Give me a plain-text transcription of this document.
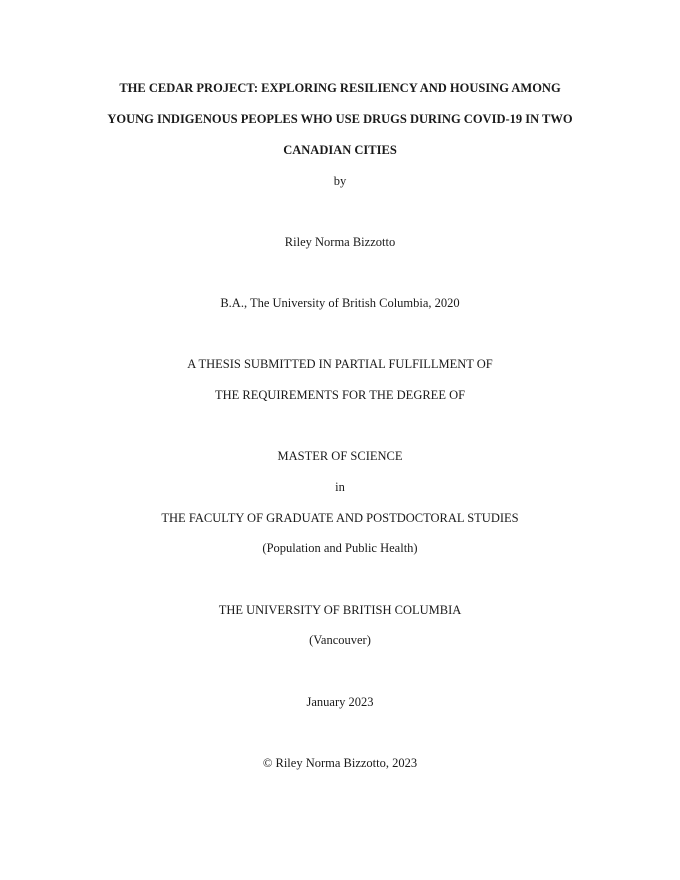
THE CEDAR PROJECT: EXPLORING RESILIENCY AND HOUSING AMONG
YOUNG INDIGENOUS PEOPLES WHO USE DRUGS DURING COVID-19 IN TWO
CANADIAN CITIES
by
Riley Norma Bizzotto
B.A., The University of British Columbia, 2020
A THESIS SUBMITTED IN PARTIAL FULFILLMENT OF
THE REQUIREMENTS FOR THE DEGREE OF
MASTER OF SCIENCE
in
THE FACULTY OF GRADUATE AND POSTDOCTORAL STUDIES
(Population and Public Health)
THE UNIVERSITY OF BRITISH COLUMBIA
(Vancouver)
January 2023
© Riley Norma Bizzotto, 2023
